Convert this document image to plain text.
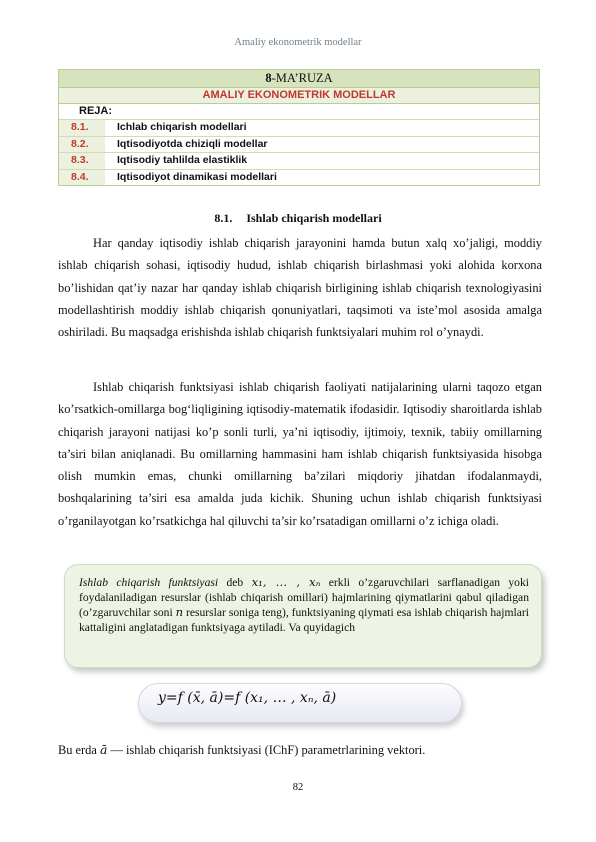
Amaliy ekonometrik modellar
8-MA’RUZA
AMALIY EKONOMETRIK MODELLAR
REJA:
8.1.	Ichlab chiqarish modellari
8.2.	Iqtisodiyotda chiziqli modellar
8.3.	Iqtisodiy tahlilda elastiklik
8.4.	Iqtisodiyot dinamikasi modellari
8.1. Ishlab chiqarish modellari

Har qanday iqtisodiy ishlab chiqarish jarayonini hamda butun xalq xo’jaligi, moddiy ishlab chiqarish sohasi, iqtisodiy hudud, ishlab chiqarish birlashmasi yoki alohida korxona bo’lishidan qat’iy nazar har qanday ishlab chiqarish birligining ishlab chiqarish texnologiyasini modellashtirish moddiy ishlab chiqarish qonuniyatlari, taqsimoti va iste’mol asosida amalga oshiriladi. Bu maqsadga erishishda ishlab chiqarish funktsiyalari muhim rol o’ynaydi.

Ishlab chiqarish funktsiyasi ishlab chiqarish faoliyati natijalarining ularni taqozo etgan ko’rsatkich-omillarga bog‘liqligining iqtisodiy-matematik ifodasidir. Iqtisodiy sharoitlarda ishlab chiqarish jarayoni natijasi ko’p sonli turli, ya’ni iqtisodiy, ijtimoiy, texnik, tabiiy omillarning ta’siri bilan aniqlanadi. Bu omillarning hammasini ham ishlab chiqarish funktsiyasida hisobga olish mumkin emas, chunki omillarning ba’zilari miqdoriy jihatdan ifodalanmaydi, boshqalarining ta’siri esa amalda juda kichik. Shuning uchun ishlab chiqarish funktsiyasi o’rganilayotgan ko’rsatkichga hal qiluvchi ta’sir ko’rsatadigan omillarni o’z ichiga oladi.

Ishlab chiqarish funktsiyasi deb x₁, … , xₙ erkli o’zgaruvchilari sarflanadigan yoki foydalaniladigan resurslar (ishlab chiqarish omillari) hajmlarining qiymatlarini qabul qiladigan (o’zgaruvchilar soni n resurslar soniga teng), funktsiyaning qiymati esa ishlab chiqarish hajmlari kattaligini anglatadigan funktsiyaga aytiladi. Va quyidagich

y=f (x̄, ā)=f (x₁, … , xₙ, ā)
Bu erda ā — ishlab chiqarish funktsiyasi (IChF) parametrlarining vektori.
82
